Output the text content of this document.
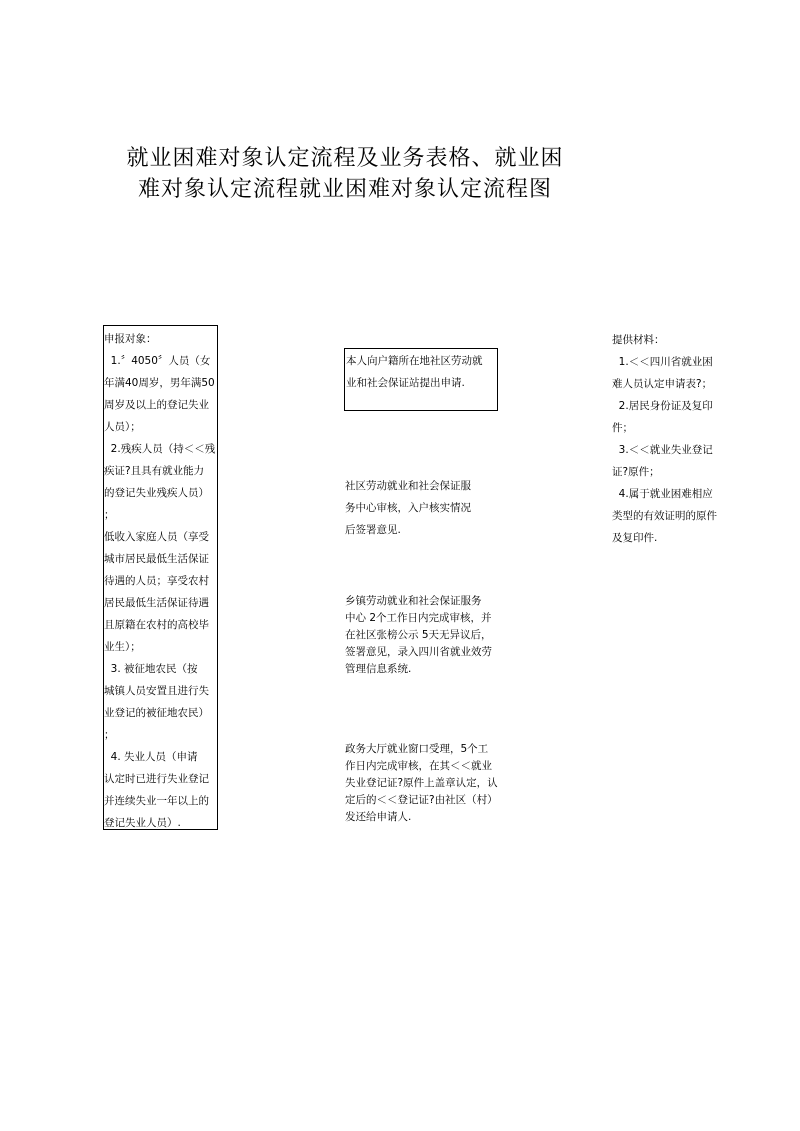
就业困难对象认定流程及业务表格、就业困
难对象认定流程就业困难对象认定流程图
申报对象：
1.〞4050〞人员（女
年满40周岁，男年满50
周岁及以上的登记失业
人员）；
2.残疾人员（持＜＜残
疾证?且具有就业能力
的登记失业残疾人员）
；
低收入家庭人员（享受
城市居民最低生活保证
待遇的人员；享受农村
居民最低生活保证待遇
且原籍在农村的高校毕
业生）；
3. 被征地农民（按
城镇人员安置且进行失
业登记的被征地农民）
；
4. 失业人员（申请
认定时已进行失业登记
并连续失业一年以上的
登记失业人员）.
本人向户籍所在地社区劳动就
业和社会保证站提出申请.
社区劳动就业和社会保证服
务中心审核，入户核实情况
后签署意见.
乡镇劳动就业和社会保证服务
中心 2个工作日内完成审核，并
在社区张榜公示 5天无异议后，
签署意见，录入四川省就业效劳
管理信息系统.
政务大厅就业窗口受理，5个工
作日内完成审核，在其＜＜就业
失业登记证?原件上盖章认定，认
定后的＜＜登记证?由社区（村）
发还给申请人.
提供材料：
1.＜＜四川省就业困
难人员认定申请表?；
2.居民身份证及复印
件；
3.＜＜就业失业登记
证?原件；
4.属于就业困难相应
类型的有效证明的原件
及复印件.
